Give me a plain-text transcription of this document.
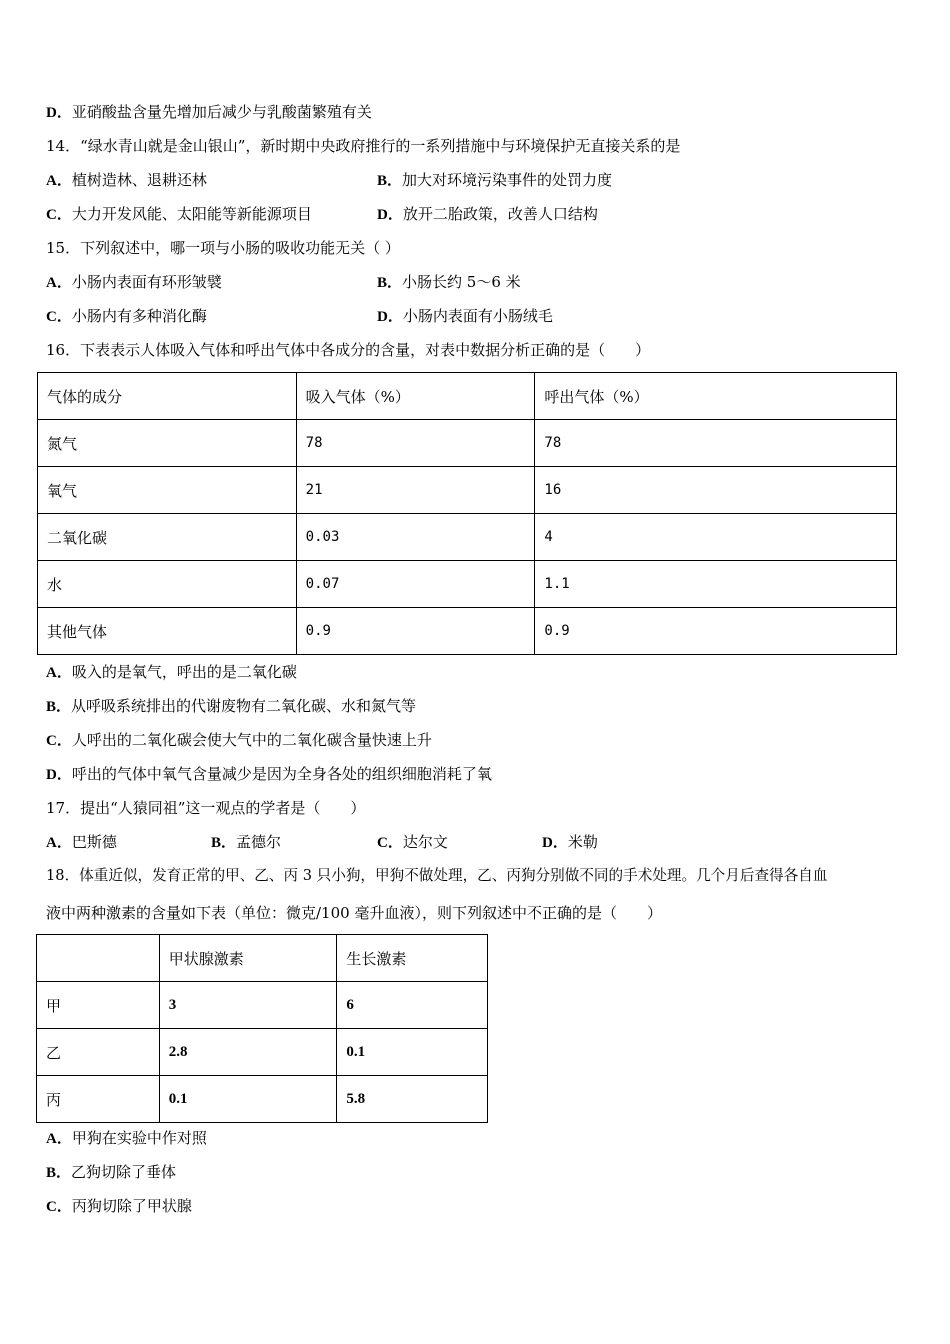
D．亚硝酸盐含量先增加后减少与乳酸菌繁殖有关
14．“绿水青山就是金山银山”，新时期中央政府推行的一系列措施中与环境保护无直接关系的是
A．植树造林、退耕还林	B．加大对环境污染事件的处罚力度
C．大力开发风能、太阳能等新能源项目	D．放开二胎政策，改善人口结构
15．下列叙述中，哪一项与小肠的吸收功能无关（ ）
A．小肠内表面有环形皱襞	B．小肠长约 5～6 米
C．小肠内有多种消化酶	D．小肠内表面有小肠绒毛
16．下表表示人体吸入气体和呼出气体中各成分的含量，对表中数据分析正确的是（　　）
气体的成分	吸入气体（%）	呼出气体（%）
氮气	78	78
氧气	21	16
二氧化碳	0.03	4
水	0.07	1.1
其他气体	0.9	0.9
A．吸入的是氧气，呼出的是二氧化碳
B．从呼吸系统排出的代谢废物有二氧化碳、水和氮气等
C．人呼出的二氧化碳会使大气中的二氧化碳含量快速上升
D．呼出的气体中氧气含量减少是因为全身各处的组织细胞消耗了氧
17．提出“人猿同祖”这一观点的学者是（　　）
A．巴斯德	B．孟德尔	C．达尔文	D．米勒
18．体重近似，发育正常的甲、乙、丙 3 只小狗，甲狗不做处理，乙、丙狗分别做不同的手术处理。几个月后查得各自血
液中两种激素的含量如下表（单位：微克/100 毫升血液），则下列叙述中不正确的是（　　）
	甲状腺激素	生长激素
甲	3	6
乙	2.8	0.1
丙	0.1	5.8
A．甲狗在实验中作对照
B．乙狗切除了垂体
C．丙狗切除了甲状腺
